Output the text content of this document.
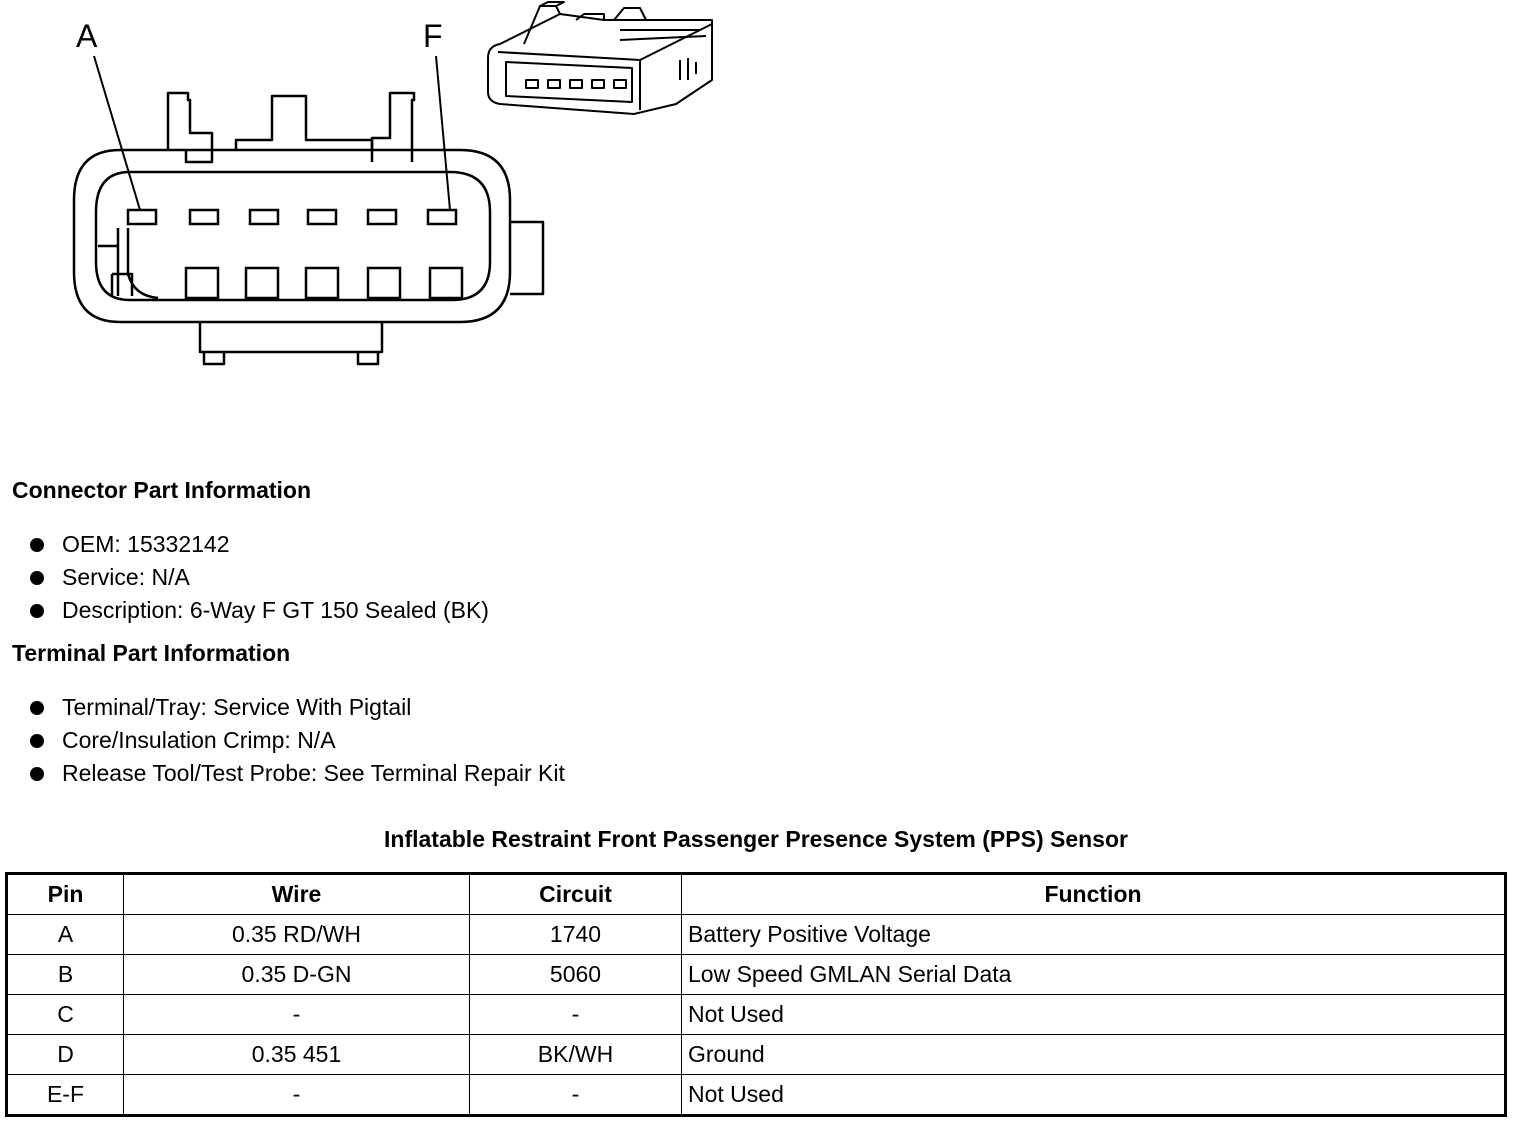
A	F
Connector Part Information
OEM: 15332142
Service: N/A
Description: 6-Way F GT 150 Sealed (BK)
Terminal Part Information
Terminal/Tray: Service With Pigtail
Core/Insulation Crimp: N/A
Release Tool/Test Probe: See Terminal Repair Kit
Inflatable Restraint Front Passenger Presence System (PPS) Sensor
Pin	Wire	Circuit	Function
A	0.35 RD/WH	1740	Battery Positive Voltage
B	0.35 D-GN	5060	Low Speed GMLAN Serial Data
C	-	-	Not Used
D	0.35 451	BK/WH	Ground
E-F	-	-	Not Used
